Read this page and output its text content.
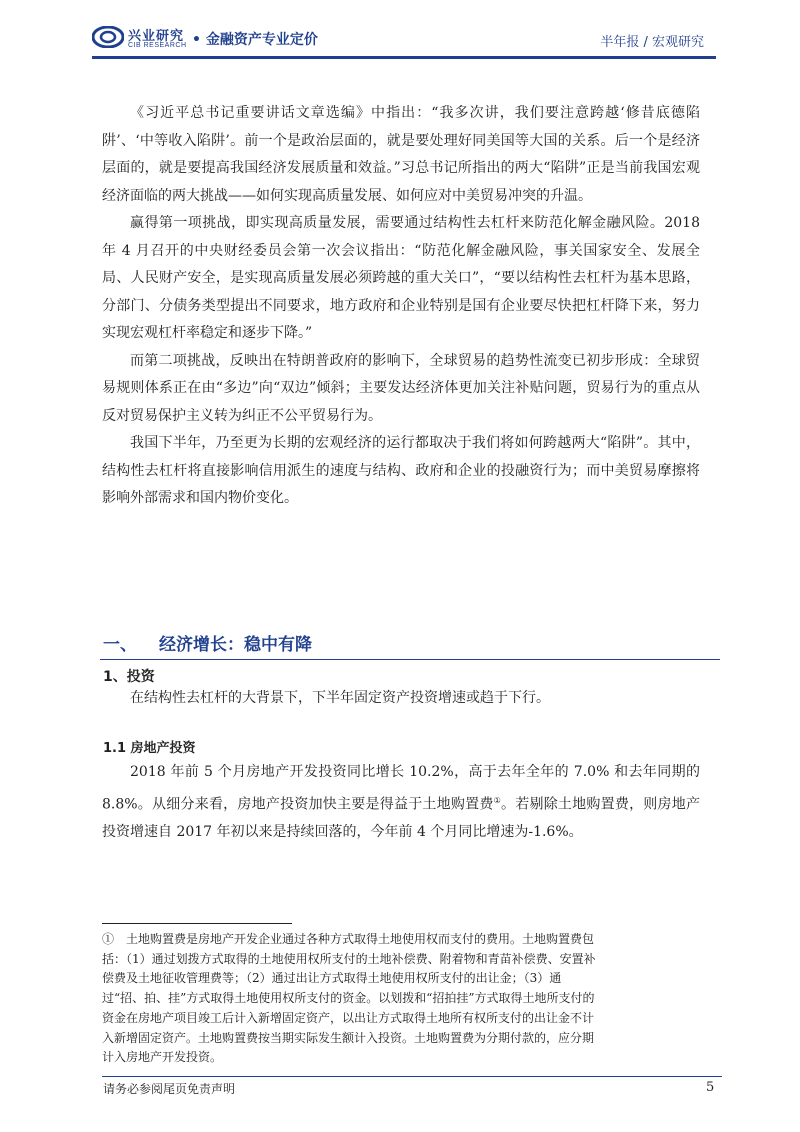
兴业研究
CIB RESEARCH • 金融资产专业定价	半年报 / 宏观研究

《习近平总书记重要讲话文章选编》中指出：“我多次讲，我们要注意跨越‘修昔底德陷阱’、‘中等收入陷阱’。前一个是政治层面的，就是要处理好同美国等大国的关系。后一个是经济层面的，就是要提高我国经济发展质量和效益。”习总书记所指出的两大“陷阱”正是当前我国宏观经济面临的两大挑战——如何实现高质量发展、如何应对中美贸易冲突的升温。

赢得第一项挑战，即实现高质量发展，需要通过结构性去杠杆来防范化解金融风险。2018 年 4 月召开的中央财经委员会第一次会议指出：“防范化解金融风险，事关国家安全、发展全局、人民财产安全，是实现高质量发展必须跨越的重大关口”，“要以结构性去杠杆为基本思路，分部门、分债务类型提出不同要求，地方政府和企业特别是国有企业要尽快把杠杆降下来，努力实现宏观杠杆率稳定和逐步下降。”

而第二项挑战，反映出在特朗普政府的影响下，全球贸易的趋势性流变已初步形成：全球贸易规则体系正在由“多边”向“双边”倾斜；主要发达经济体更加关注补贴问题，贸易行为的重点从反对贸易保护主义转为纠正不公平贸易行为。

我国下半年，乃至更为长期的宏观经济的运行都取决于我们将如何跨越两大“陷阱”。其中，结构性去杠杆将直接影响信用派生的速度与结构、政府和企业的投融资行为；而中美贸易摩擦将影响外部需求和国内物价变化。

一、 经济增长：稳中有降
1、投资

在结构性去杠杆的大背景下，下半年固定资产投资增速或趋于下行。

1.1 房地产投资

2018 年前 5 个月房地产开发投资同比增长 10.2%，高于去年全年的 7.0% 和去年同期的 8.8%。从细分来看，房地产投资加快主要是得益于土地购置费①。若剔除土地购置费，则房地产投资增速自 2017 年初以来是持续回落的，今年前 4 个月同比增速为-1.6%。

①　 土地购置费是房地产开发企业通过各种方式取得土地使用权而支付的费用。土地购置费包括：（1）通过划拨方式取得的土地使用权所支付的土地补偿费、附着物和青苗补偿费、安置补偿费及土地征收管理费等；（2）通过出让方式取得土地使用权所支付的出让金；（3）通过“招、拍、挂”方式取得土地使用权所支付的资金。以划拨和“招拍挂”方式取得土地所支付的资金在房地产项目竣工后计入新增固定资产，以出让方式取得土地所有权所支付的出让金不计入新增固定资产。土地购置费按当期实际发生额计入投资。土地购置费为分期付款的，应分期计入房地产开发投资。
请务必参阅尾页免责声明	5
